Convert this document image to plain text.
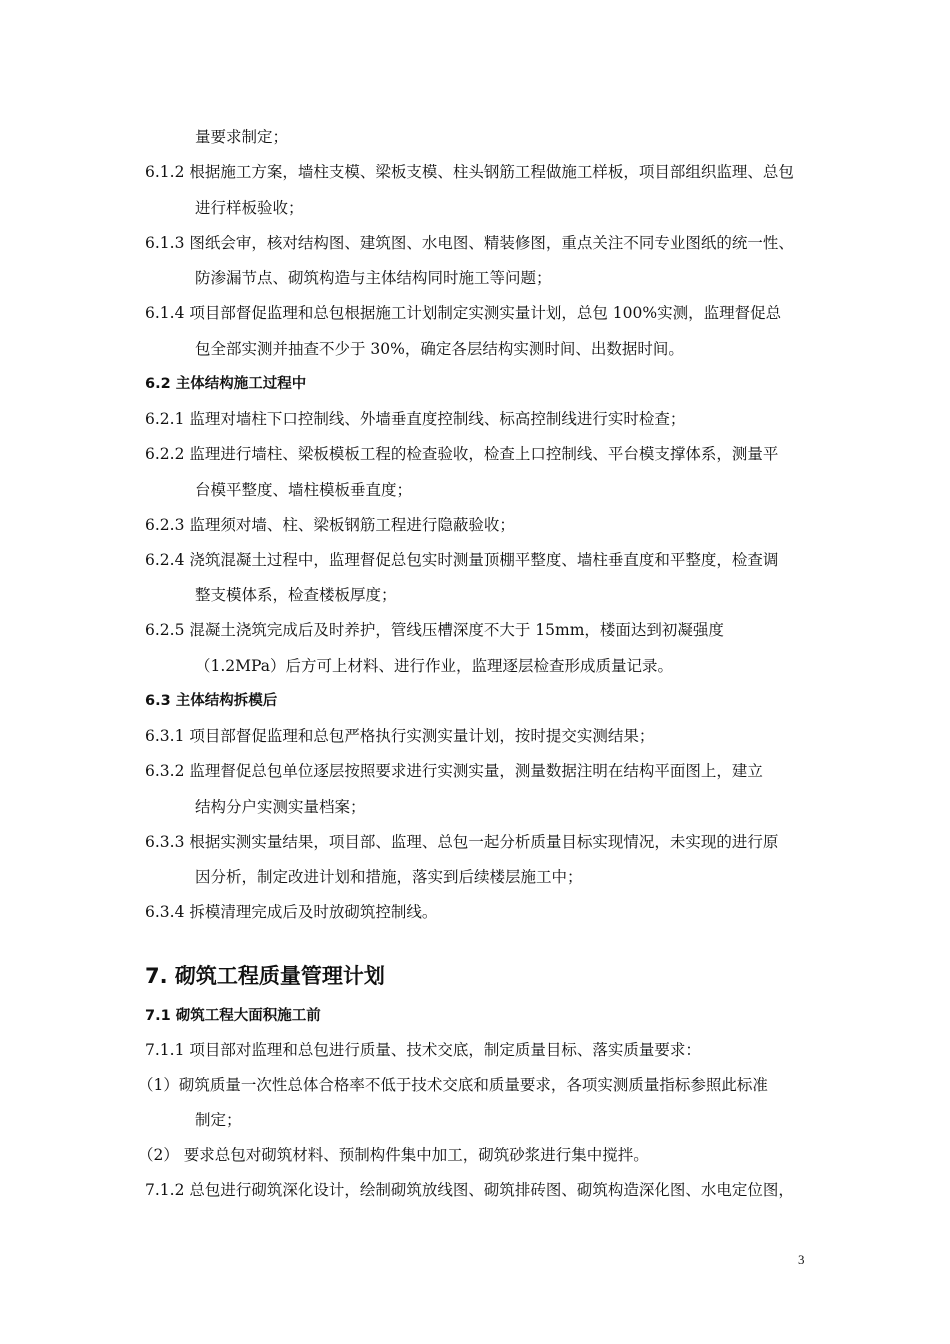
量要求制定；
6.1.2 根据施工方案，墙柱支模、梁板支模、柱头钢筋工程做施工样板，项目部组织监理、总包
进行样板验收；
6.1.3 图纸会审，核对结构图、建筑图、水电图、精装修图，重点关注不同专业图纸的统一性、
防渗漏节点、砌筑构造与主体结构同时施工等问题；
6.1.4 项目部督促监理和总包根据施工计划制定实测实量计划，总包 100%实测，监理督促总
包全部实测并抽查不少于 30%，确定各层结构实测时间、出数据时间。
6.2 主体结构施工过程中
6.2.1 监理对墙柱下口控制线、外墙垂直度控制线、标高控制线进行实时检查；
6.2.2 监理进行墙柱、梁板模板工程的检查验收，检查上口控制线、平台模支撑体系，测量平
台模平整度、墙柱模板垂直度；
6.2.3 监理须对墙、柱、梁板钢筋工程进行隐蔽验收；
6.2.4 浇筑混凝土过程中，监理督促总包实时测量顶棚平整度、墙柱垂直度和平整度，检查调
整支模体系，检查楼板厚度；
6.2.5 混凝土浇筑完成后及时养护，管线压槽深度不大于 15mm，楼面达到初凝强度
（1.2MPa）后方可上材料、进行作业，监理逐层检查形成质量记录。
6.3 主体结构拆模后
6.3.1 项目部督促监理和总包严格执行实测实量计划，按时提交实测结果；
6.3.2 监理督促总包单位逐层按照要求进行实测实量，测量数据注明在结构平面图上，建立
结构分户实测实量档案；
6.3.3 根据实测实量结果，项目部、监理、总包一起分析质量目标实现情况，未实现的进行原
因分析，制定改进计划和措施，落实到后续楼层施工中；
6.3.4 拆模清理完成后及时放砌筑控制线。
7. 砌筑工程质量管理计划
7.1 砌筑工程大面积施工前
7.1.1 项目部对监理和总包进行质量、技术交底，制定质量目标、落实质量要求：
（1）砌筑质量一次性总体合格率不低于技术交底和质量要求，各项实测质量指标参照此标准
制定；
（2） 要求总包对砌筑材料、预制构件集中加工，砌筑砂浆进行集中搅拌。
7.1.2 总包进行砌筑深化设计，绘制砌筑放线图、砌筑排砖图、砌筑构造深化图、水电定位图，
3
